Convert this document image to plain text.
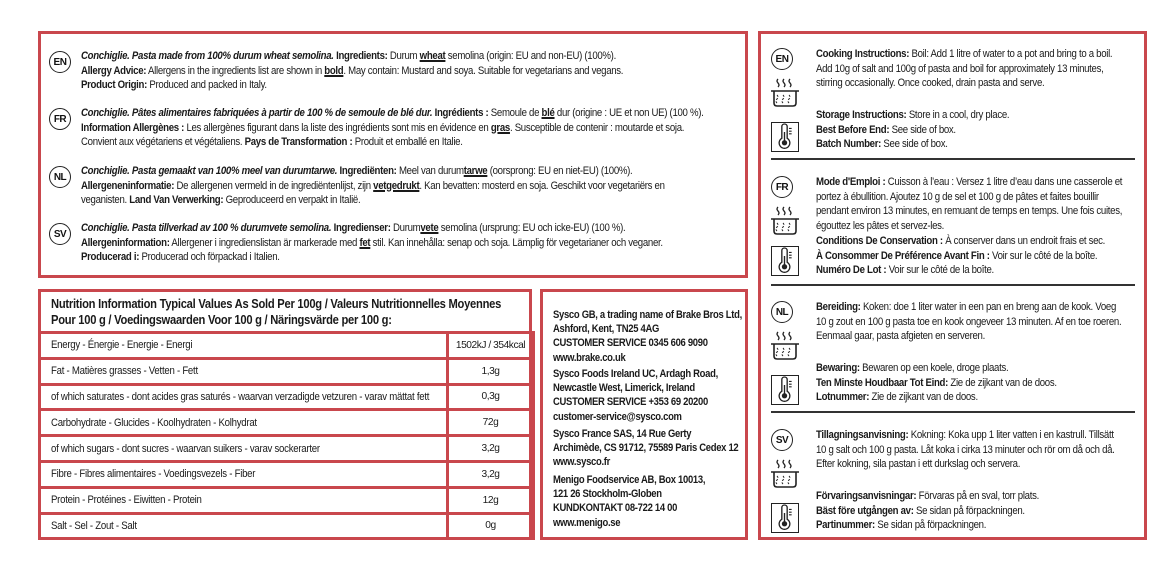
EN	Conchiglie. Pasta made from 100% durum wheat semolina. Ingredients: Durum wheat semolina (origin: EU and non-EU) (100%).
Allergy Advice: Allergens in the ingredients list are shown in bold. May contain: Mustard and soya. Suitable for vegetarians and vegans.
Product Origin: Produced and packed in Italy.
FR	Conchiglie. Pâtes alimentaires fabriquées à partir de 100 % de semoule de blé dur. Ingrédients : Semoule de blé dur (origine : UE et non UE) (100 %).
Information Allergènes : Les allergènes figurant dans la liste des ingrédients sont mis en évidence en gras. Susceptible de contenir : moutarde et soja.
Convient aux végétariens et végétaliens. Pays de Transformation : Produit et emballé en Italie.
NL	Conchiglie. Pasta gemaakt van 100% meel van durumtarwe. Ingrediënten: Meel van durumtarwe (oorsprong: EU en niet-EU) (100%).
Allergeneninformatie: De allergenen vermeld in de ingrediëntenlijst, zijn vetgedrukt. Kan bevatten: mosterd en soja. Geschikt voor vegetariërs en
veganisten. Land Van Verwerking: Geproduceerd en verpakt in Italië.
SV	Conchiglie. Pasta tillverkad av 100 % durumvete semolina. Ingredienser: Durumvete semolina (ursprung: EU och icke-EU) (100 %).
Allergeninformation: Allergener i ingredienslistan är markerade med fet stil. Kan innehålla: senap och soja. Lämplig för vegetarianer och veganer.
Producerad i: Producerad och förpackad i Italien.
Nutrition Information Typical Values As Sold Per 100g / Valeurs Nutritionnelles Moyennes
Pour 100 g / Voedingswaarden Voor 100 g / Näringsvärde per 100 g:
Energy - Énergie - Energie - Energi	1502kJ / 354kcal

Fat - Matières grasses - Vetten - Fett	1,3g

of which saturates - dont acides gras saturés - waarvan verzadigde vetzuren - varav mättat fett	0,3g

Carbohydrate - Glucides - Koolhydraten - Kolhydrat	72g

of which sugars - dont sucres - waarvan suikers - varav sockerarter	3,2g

Fibre - Fibres alimentaires - Voedingsvezels - Fiber	3,2g

Protein - Protéines - Eiwitten - Protein	12g

Salt - Sel - Zout - Salt	0g
Sysco GB, a trading name of Brake Bros Ltd,
Ashford, Kent, TN25 4AG
CUSTOMER SERVICE 0345 606 9090
www.brake.co.uk
Sysco Foods Ireland UC, Ardagh Road,
Newcastle West, Limerick, Ireland
CUSTOMER SERVICE +353 69 20200
customer-service@sysco.com
Sysco France SAS, 14 Rue Gerty
Archimède, CS 91712, 75589 Paris Cedex 12
www.sysco.fr
Menigo Foodservice AB, Box 10013,
121 26 Stockholm-Globen
KUNDKONTAKT 08-722 14 00
www.menigo.se
EN	Cooking Instructions: Boil: Add 1 litre of water to a pot and bring to a boil.
Add 10g of salt and 100g of pasta and boil for approximately 13 minutes,
stirring occasionally. Once cooked, drain pasta and serve.
Storage Instructions: Store in a cool, dry place.
Best Before End: See side of box.
Batch Number: See side of box.
FR	Mode d'Emploi : Cuisson à l’eau : Versez 1 litre d’eau dans une casserole et
portez à ébullition. Ajoutez 10 g de sel et 100 g de pâtes et faites bouillir
pendant environ 13 minutes, en remuant de temps en temps. Une fois cuites,
égouttez les pâtes et servez-les.
Conditions De Conservation : À conserver dans un endroit frais et sec.
À Consommer De Préférence Avant Fin : Voir sur le côté de la boîte.
Numéro De Lot : Voir sur le côté de la boîte.
NL	Bereiding: Koken: doe 1 liter water in een pan en breng aan de kook. Voeg
10 g zout en 100 g pasta toe en kook ongeveer 13 minuten. Af en toe roeren.
Eenmaal gaar, pasta afgieten en serveren.
Bewaring: Bewaren op een koele, droge plaats.
Ten Minste Houdbaar Tot Eind: Zie de zijkant van de doos.
Lotnummer: Zie de zijkant van de doos.
SV	Tillagningsanvisning: Kokning: Koka upp 1 liter vatten i en kastrull. Tillsätt
10 g salt och 100 g pasta. Låt koka i cirka 13 minuter och rör om då och då.
Efter kokning, sila pastan i ett durkslag och servera.
Förvaringsanvisningar: Förvaras på en sval, torr plats.
Bäst före utgången av: Se sidan på förpackningen.
Partinummer: Se sidan på förpackningen.
